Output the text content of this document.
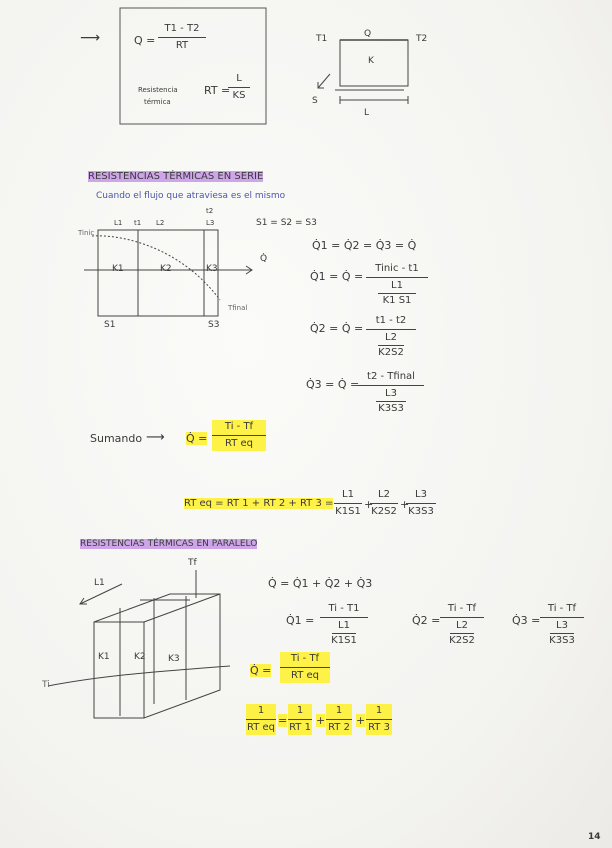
⟶	Q =
T1 - T2
RT
Resistencia
térmica
RT =
L
KS
T1	T2
Q
K
S
L
RESISTENCIAS TÉRMICAS EN SERIE
Cuando el flujo que atraviesa es el mismo
L1 t1 L2
t2
L3
Tinic
Tfinal
K1	K2	K3
S1	S3
Q̇
S1 = S2 = S3
Q̇1 = Q̇2 = Q̇3 = Q̇
Q̇1 = Q̇ =
Tinic - t1
L1
K1 S1
Q̇2 = Q̇ =
t1 - t2
L2
K2S2
Q̇3 = Q̇ =
t2 - Tfinal
L3
K3S3
Sumando ⟶ Q̇ =
Ti - Tf
RT eq
RT eq = RT 1 + RT 2 + RT 3 =
L1
K1S1
+
L2
K2S2
+
L3
K3S3
RESISTENCIAS TÉRMICAS EN PARALELO
Tf
L1
K1	K2 K3
Ti
Q̇ = Q̇1 + Q̇2 + Q̇3
Q̇1 =
Ti - T1
L1
K1S1
Q̇2 =
Ti - Tf
L2
K2S2
Q̇3 =
Ti - Tf
L3
K3S3
Q̇ =
Ti - Tf
RT eq
1
RT eq
=
1
RT 1
+
1
RT 2
+
1
RT 3
14
